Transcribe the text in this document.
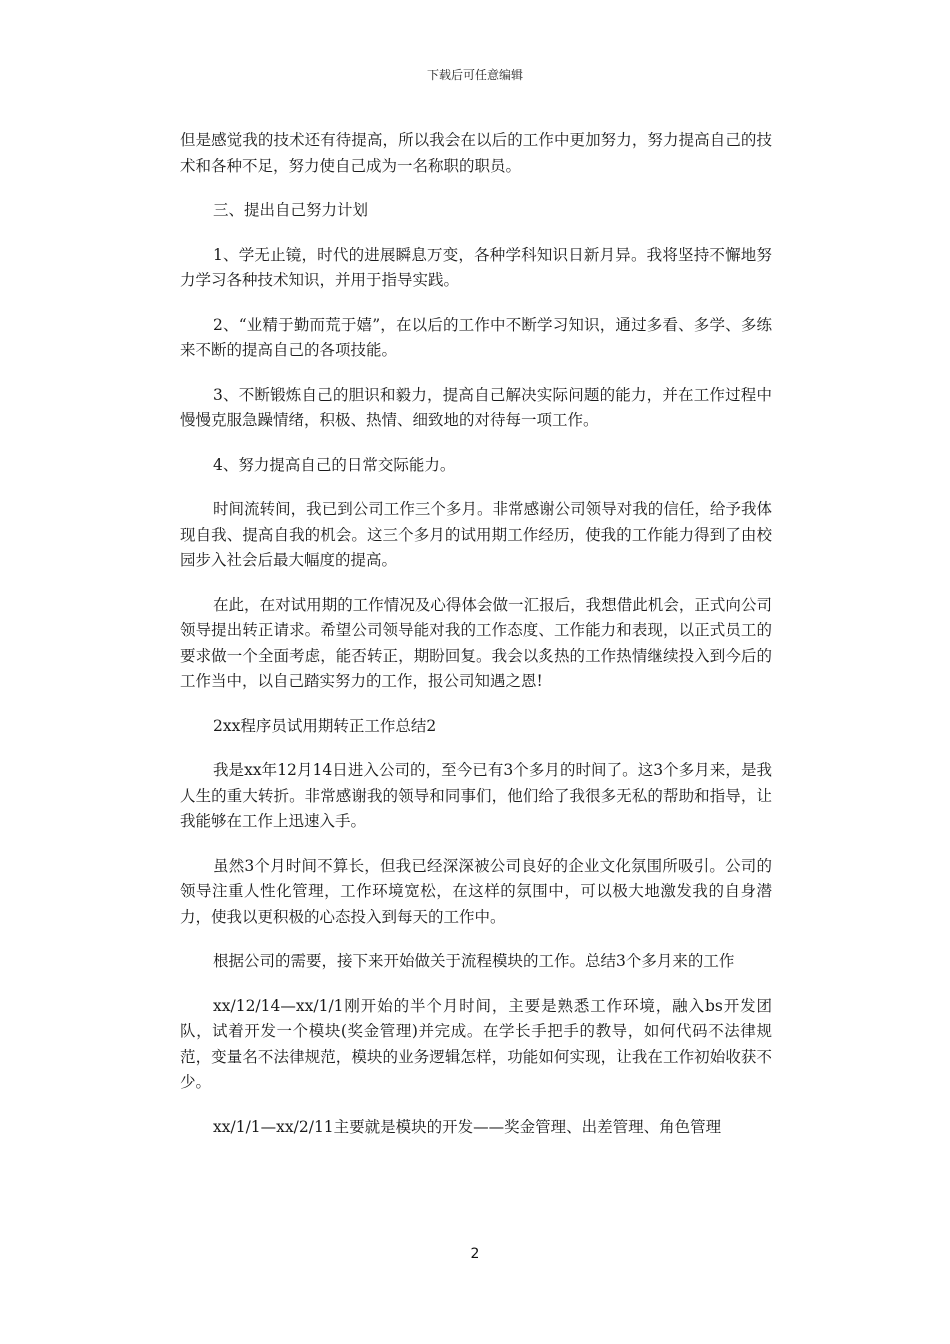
下载后可任意编辑

但是感觉我的技术还有待提高，所以我会在以后的工作中更加努力，努力提高自己的技术和各种不足，努力使自己成为一名称职的职员。

三、提出自己努力计划

1、学无止镜，时代的进展瞬息万变，各种学科知识日新月异。我将坚持不懈地努力学习各种技术知识，并用于指导实践。

2、“业精于勤而荒于嬉”，在以后的工作中不断学习知识，通过多看、多学、多练来不断的提高自己的各项技能。

3、不断锻炼自己的胆识和毅力，提高自己解决实际问题的能力，并在工作过程中慢慢克服急躁情绪，积极、热情、细致地的对待每一项工作。

4、努力提高自己的日常交际能力。

时间流转间，我已到公司工作三个多月。非常感谢公司领导对我的信任，给予我体现自我、提高自我的机会。这三个多月的试用期工作经历，使我的工作能力得到了由校园步入社会后最大幅度的提高。

在此，在对试用期的工作情况及心得体会做一汇报后，我想借此机会，正式向公司领导提出转正请求。希望公司领导能对我的工作态度、工作能力和表现，以正式员工的要求做一个全面考虑，能否转正，期盼回复。我会以炙热的工作热情继续投入到今后的工作当中，以自己踏实努力的工作，报公司知遇之恩!

2xx程序员试用期转正工作总结2

我是xx年12月14日进入公司的，至今已有3个多月的时间了。这3个多月来，是我人生的重大转折。非常感谢我的领导和同事们，他们给了我很多无私的帮助和指导，让我能够在工作上迅速入手。

虽然3个月时间不算长，但我已经深深被公司良好的企业文化氛围所吸引。公司的领导注重人性化管理，工作环境宽松，在这样的氛围中，可以极大地激发我的自身潜力，使我以更积极的心态投入到每天的工作中。

根据公司的需要，接下来开始做关于流程模块的工作。总结3个多月来的工作

xx/12/14—xx/1/1刚开始的半个月时间，主要是熟悉工作环境，融入bs开发团队，试着开发一个模块(奖金管理)并完成。在学长手把手的教导，如何代码不法律规范，变量名不法律规范，模块的业务逻辑怎样，功能如何实现，让我在工作初始收获不少。

xx/1/1—xx/2/11主要就是模块的开发——奖金管理、出差管理、角色管理

2
